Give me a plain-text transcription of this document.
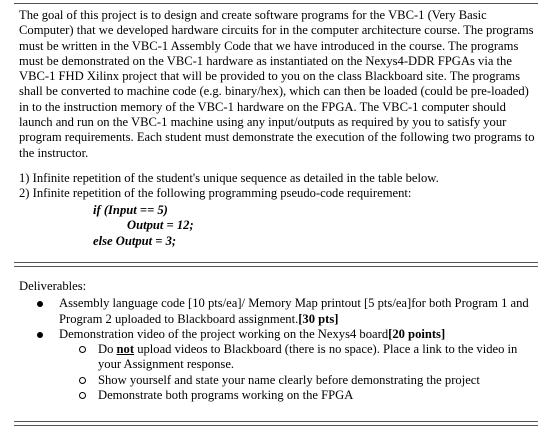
The goal of this project is to design and create software programs for the VBC-1 (Very Basic Computer) that we developed hardware circuits for in the computer architecture course. The programs must be written in the VBC-1 Assembly Code that we have introduced in the course. The programs must be demonstrated on the VBC-1 hardware as instantiated on the Nexys4-DDR FPGAs via the VBC-1 FHD Xilinx project that will be provided to you on the class Blackboard site. The programs shall be converted to machine code (e.g. binary/hex), which can then be loaded (could be pre-loaded) in to the instruction memory of the VBC-1 hardware on the FPGA. The VBC-1 computer should launch and run on the VBC-1 machine using any input/outputs as required by you to satisfy your program requirements. Each student must demonstrate the execution of the following two programs to the instructor.

1) Infinite repetition of the student's unique sequence as detailed in the table below.
2) Infinite repetition of the following programming pseudo-code requirement:
if (Input == 5)
Output = 12;
else Output = 3;
Deliverables:
Assembly language code [10 pts/ea]/ Memory Map printout [5 pts/ea]for both Program 1 and Program 2 uploaded to Blackboard assignment.[30 pts]
Demonstration video of the project working on the Nexys4 board[20 points]
Do not upload videos to Blackboard (there is no space). Place a link to the video in your Assignment response.
Show yourself and state your name clearly before demonstrating the project
Demonstrate both programs working on the FPGA
